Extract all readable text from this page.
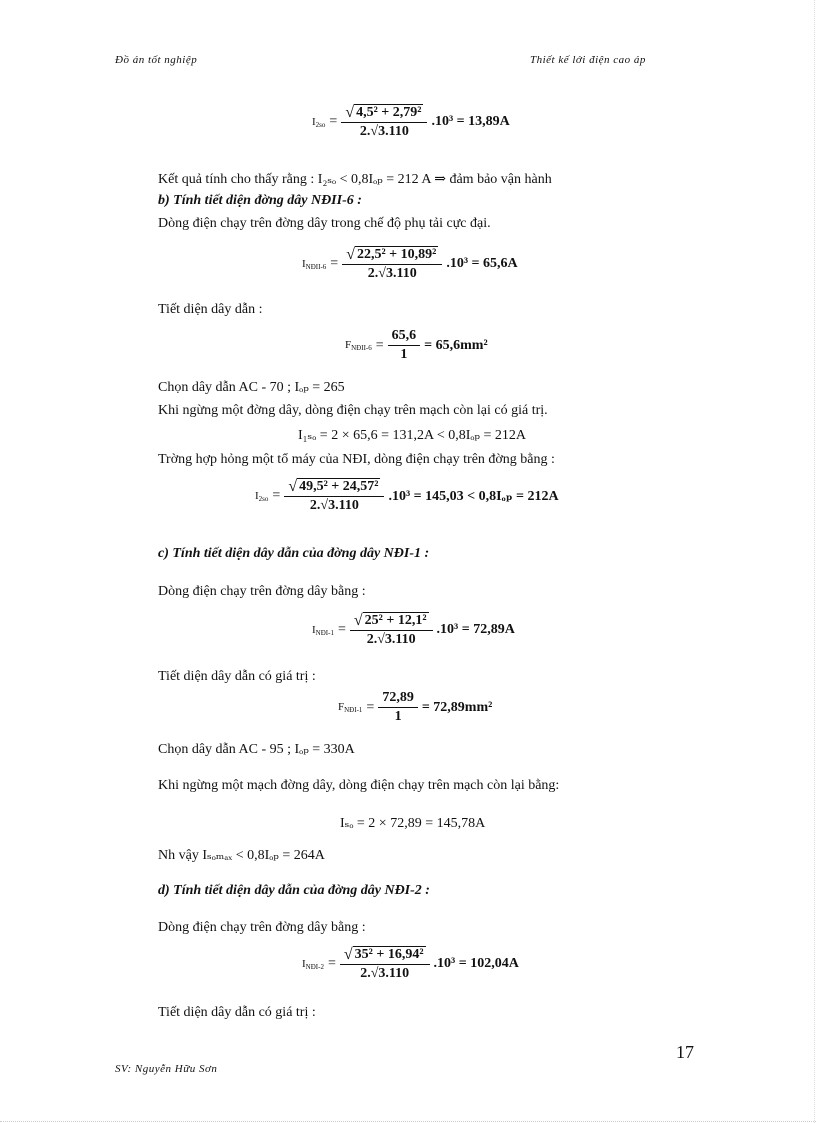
Đồ án tốt nghiệp	Thiết kế lới điện cao áp
$I_{2so} = \frac{\text{√ 4,5² + 2,79²}}{2.√3.110} .10^3 = 13,89A$
Kết quả tính cho thấy rằng : I₂ₛₒ < 0,8Iₒₚ = 212 A ⇒ đảm bảo vận hành
b) Tính tiết diện đờng dây NĐII-6 :
Dòng điện chạy trên đờng dây trong chế độ phụ tải cực đại.
$I_{NĐII-6} = \frac{\text{√ 22,5² + 10,89²}}{2.√3.110} .10^3 = 65,6A$
Tiết diện dây dẫn :
$F_{NĐII-6} = \frac{65,6}{1} = 65,6mm^2$
Chọn dây dẫn AC - 70 ; Iₒₚ = 265
Khi ngừng một đờng dây, dòng điện chạy trên mạch còn lại có giá trị.
I₁ₛₒ = 2 × 65,6 = 131,2A < 0,8Iₒₚ = 212A
Trờng hợp hỏng một tổ máy của NĐI, dòng điện chạy trên đờng bằng :
$I_{2so} = \frac{\text{√ 49,5² + 24,57²}}{2.√3.110} .10^3 = 145,03 < 0,8I_{op} = 212A$
c) Tính tiết diện dây dẫn của đờng dây NĐI-1 :
Dòng điện chạy trên đờng dây bằng :
$I_{NĐI-1} = \frac{\text{√ 25² + 12,1²}}{2.√3.110} .10^3 = 72,89A$
Tiết diện dây dẫn có giá trị :
$F_{NĐI-1} = \frac{72,89}{1} = 72,89mm^2$
Chọn dây dẫn AC - 95 ; Iₒₚ = 330A
Khi ngừng một mạch đờng dây, dòng điện chạy trên mạch còn lại bằng:
Iₛₒ = 2 × 72,89 = 145,78A
Nh vậy Iₛₒₘₐₓ < 0,8Iₒₚ = 264A
d) Tính tiết diện dây dẫn của đờng dây NĐI-2 :
Dòng điện chạy trên đờng dây bằng :
$I_{NĐI-2} = \frac{\text{√ 35² + 16,94²}}{2.√3.110} .10^3 = 102,04A$
Tiết diện dây dẫn có giá trị :
17
SV: Nguyễn Hữu Sơn
